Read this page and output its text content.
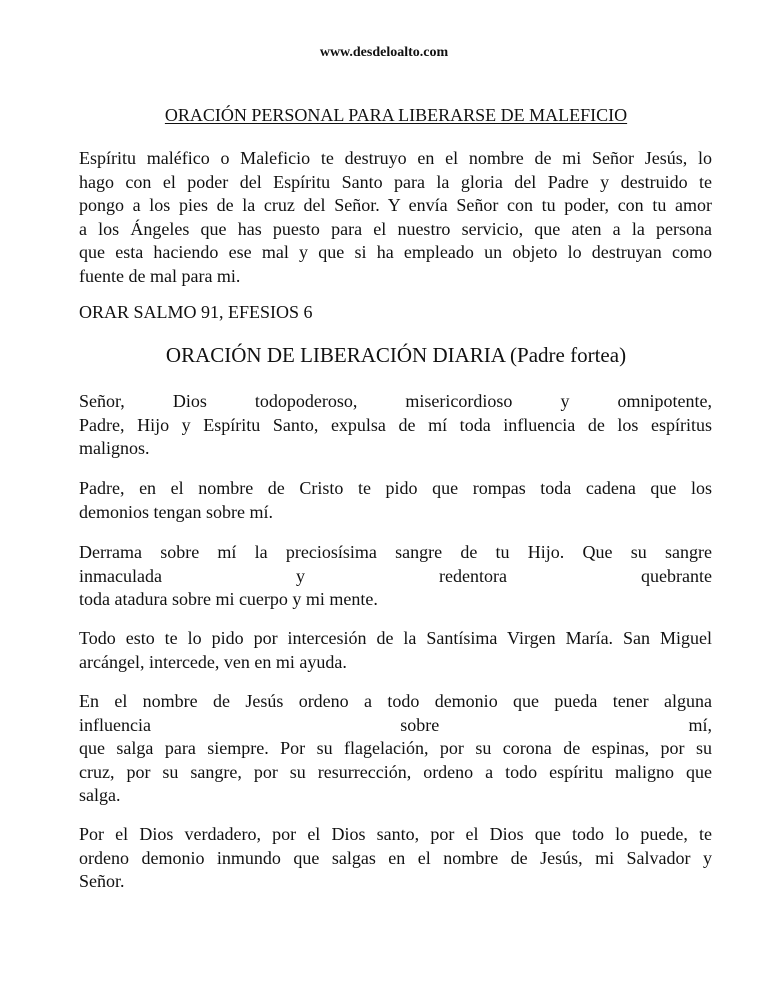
www.desdeloalto.com
ORACIÓN PERSONAL PARA LIBERARSE DE MALEFICIO
Espíritu maléfico o Maleficio te destruyo en el nombre de mi Señor Jesús, lo
hago con el poder del Espíritu Santo para la gloria del Padre y destruido te
pongo a los pies de la cruz del Señor. Y envía Señor con tu poder, con tu amor
a los Ángeles que has puesto para el nuestro servicio, que aten a la persona
que esta haciendo ese mal y que si ha empleado un objeto lo destruyan como
fuente de mal para mi.
ORAR SALMO 91, EFESIOS 6
ORACIÓN DE LIBERACIÓN DIARIA (Padre fortea)
Señor, Dios todopoderoso, misericordioso y omnipotente,
Padre, Hijo y Espíritu Santo, expulsa de mí toda influencia de los espíritus
malignos.
Padre, en el nombre de Cristo te pido que rompas toda cadena que los
demonios tengan sobre mí.
Derrama sobre mí la preciosísima sangre de tu Hijo. Que su sangre
inmaculada y redentora quebrante
toda atadura sobre mi cuerpo y mi mente.
Todo esto te lo pido por intercesión de la Santísima Virgen María. San Miguel
arcángel, intercede, ven en mi ayuda.
En el nombre de Jesús ordeno a todo demonio que pueda tener alguna
influencia sobre mí,
que salga para siempre. Por su flagelación, por su corona de espinas, por su
cruz, por su sangre, por su resurrección, ordeno a todo espíritu maligno que
salga.
Por el Dios verdadero, por el Dios santo, por el Dios que todo lo puede, te
ordeno demonio inmundo que salgas en el nombre de Jesús, mi Salvador y
Señor.
